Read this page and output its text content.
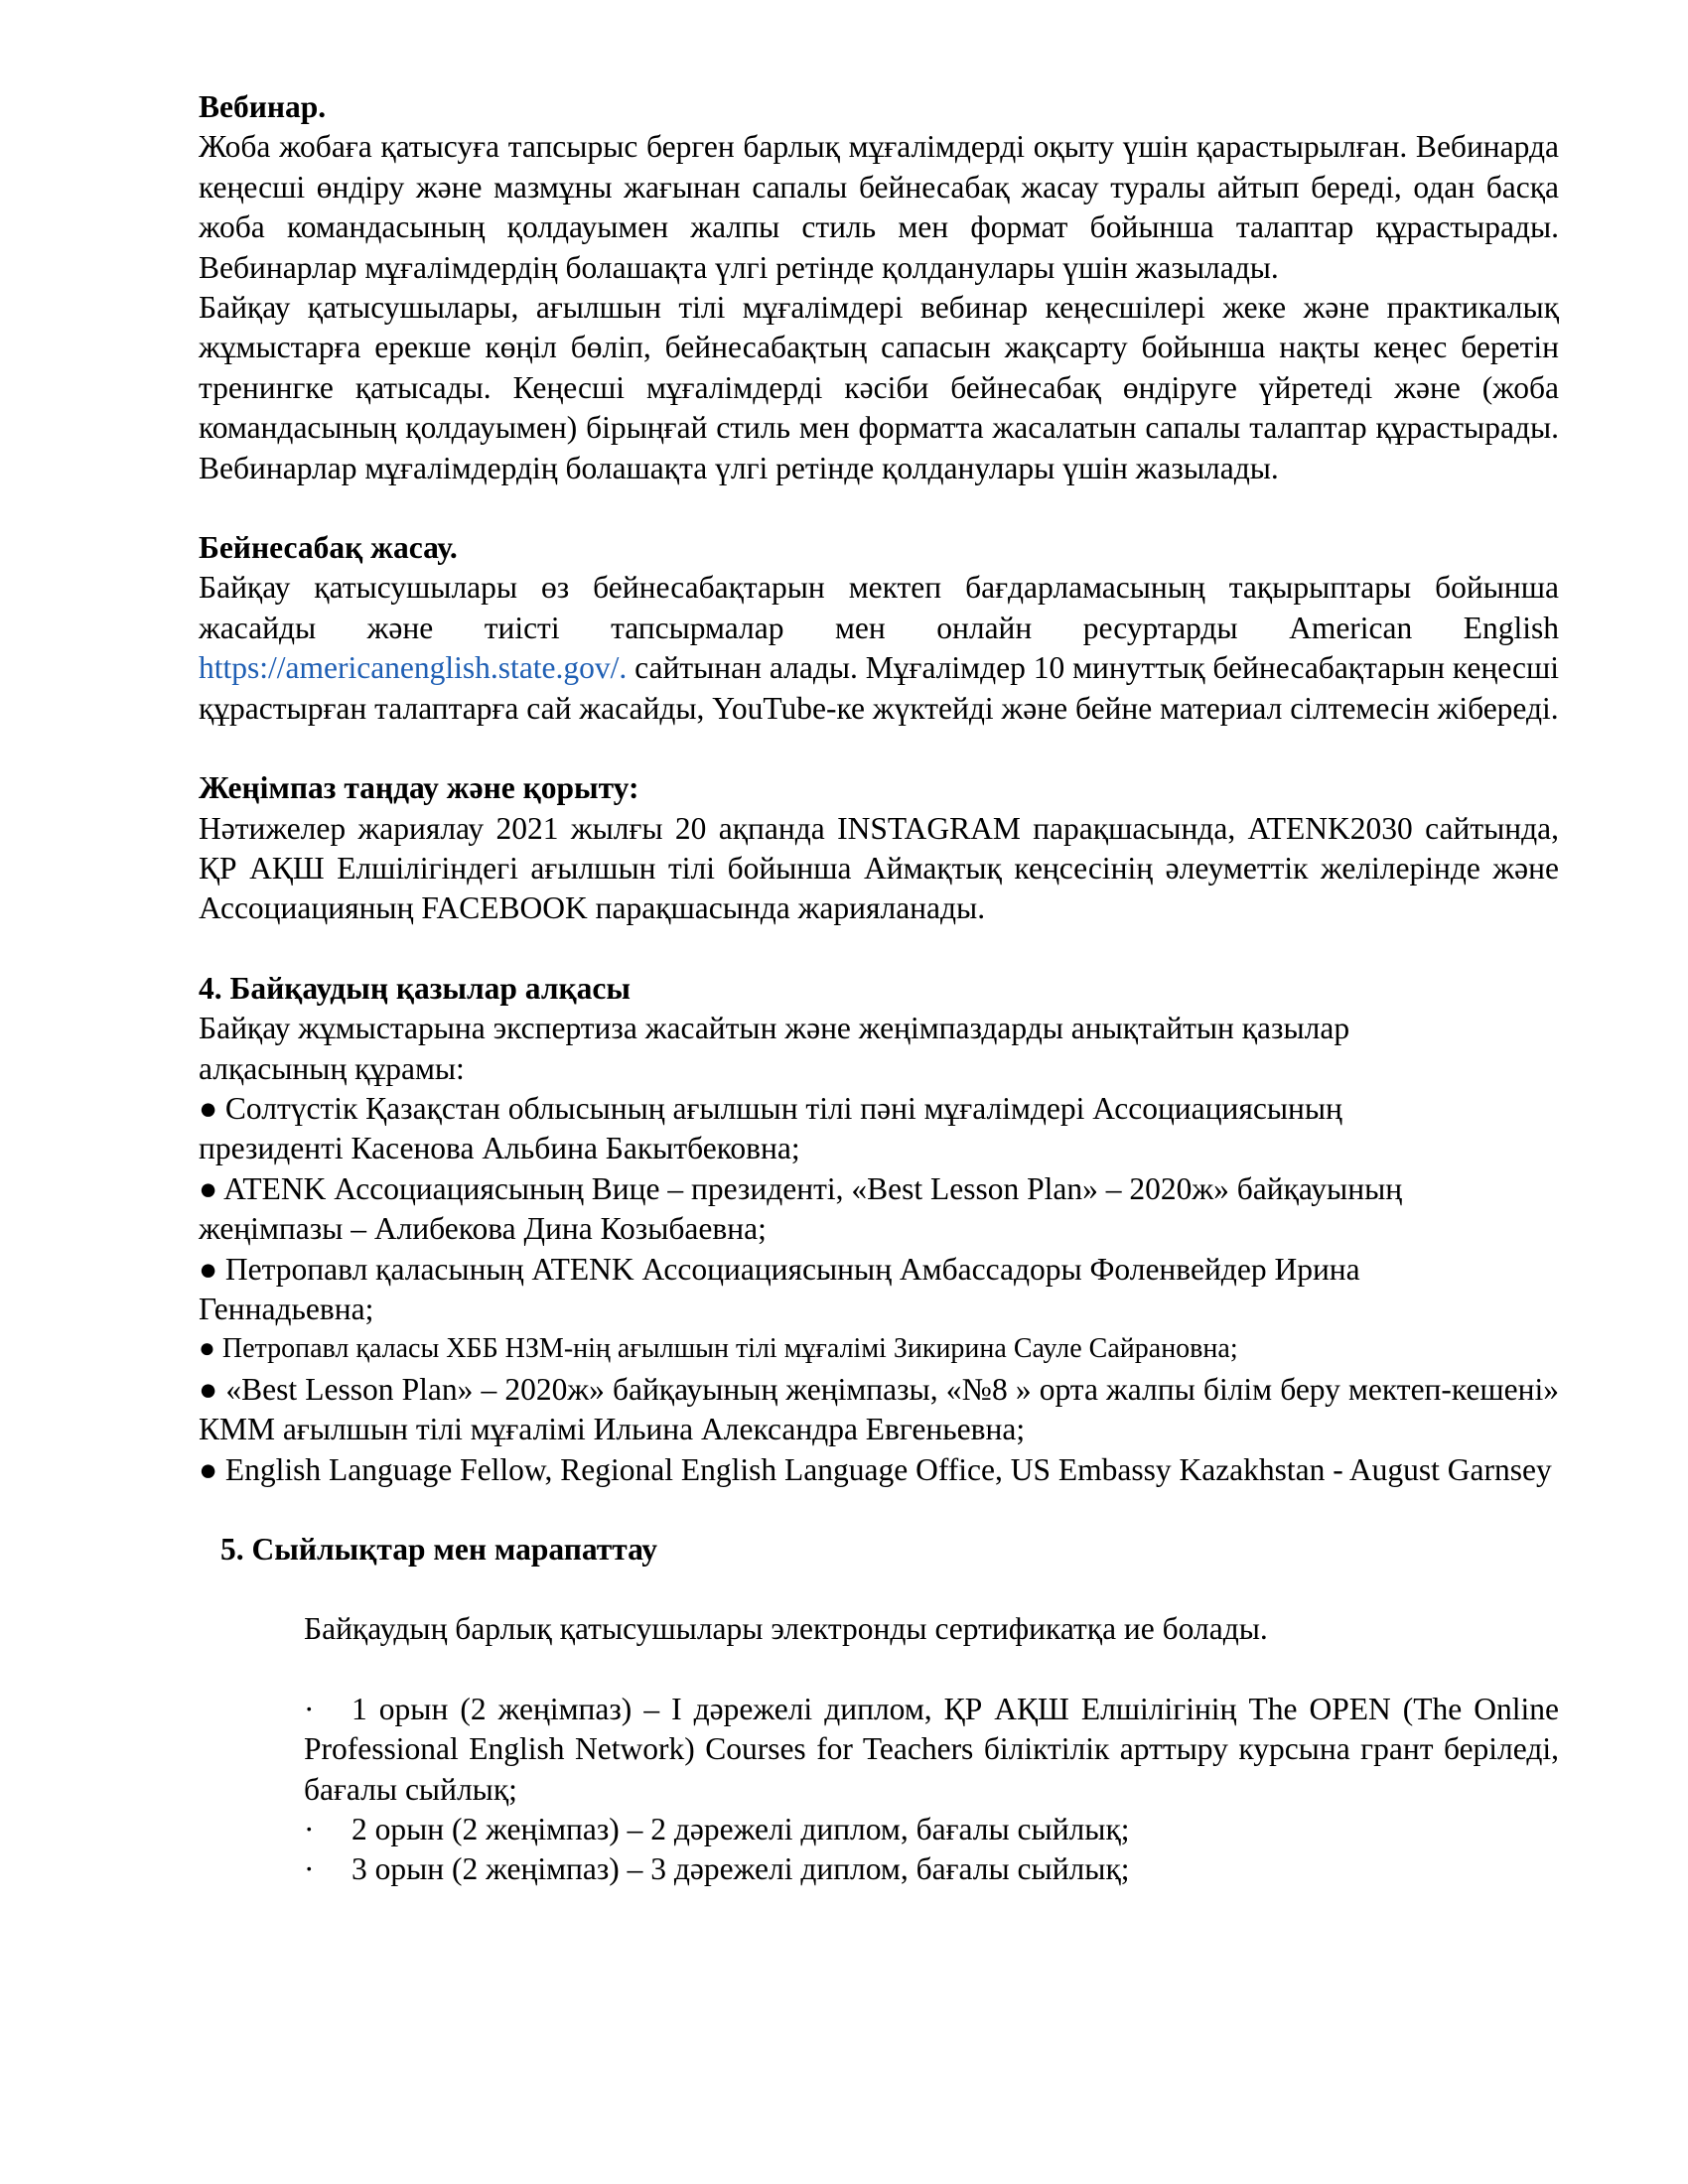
Вебинар.

Жоба жобаға қатысуға тапсырыс берген барлық мұғалімдерді оқыту үшін қарастырылған. Вебинарда кеңесші өндіру және мазмұны жағынан сапалы бейнесабақ жасау туралы айтып береді, одан басқа жоба командасының қолдауымен жалпы стиль мен формат бойынша талаптар құрастырады. Вебинарлар мұғалімдердің болашақта үлгі ретінде қолданулары үшін жазылады.

Байқау қатысушылары, ағылшын тілі мұғалімдері вебинар кеңесшілері жеке және практикалық жұмыстарға ерекше көңіл бөліп, бейнесабақтың сапасын жақсарту бойынша нақты кеңес беретін тренингке қатысады. Кеңесші мұғалімдерді кәсіби бейнесабақ өндіруге үйретеді және (жоба командасының қолдауымен) бірыңғай стиль мен форматта жасалатын сапалы талаптар құрастырады. Вебинарлар мұғалімдердің болашақта үлгі ретінде қолданулары үшін жазылады.

Бейнесабақ жасау.

Байқау қатысушылары өз бейнесабақтарын мектеп бағдарламасының тақырыптары бойынша жасайды және тиісті тапсырмалар мен онлайн ресуртарды American English https://americanenglish.state.gov/. сайтынан алады. Мұғалімдер 10 минуттық бейнесабақтарын кеңесші құрастырған талаптарға сай жасайды, YouTube-ке жүктейді және бейне материал сілтемесін жібереді.

Жеңімпаз таңдау және қорыту:

Нәтижелер жариялау 2021 жылғы 20 ақпанда INSTAGRAM парақшасында, ATENK2030 сайтында, ҚР АҚШ Елшілігіндегі ағылшын тілі бойынша Аймақтық кеңсесінің әлеуметтік желілерінде және Ассоциацияның FACEBOOK парақшасында жарияланады.

4. Байқаудың қазылар алқасы

Байқау жұмыстарына экспертиза жасайтын және жеңімпаздарды анықтайтын қазылар

алқасының құрамы:

● Солтүстік Қазақстан облысының ағылшын тілі пәні мұғалімдері Ассоциациясының

президенті Касенова Альбина Бакытбековна;

● ATENK Ассоциациясының Вице – президенті, «Best Lesson Plan» – 2020ж» байқауының

жеңімпазы – Алибекова Дина Козыбаевна;

● Петропавл қаласының ATENK Ассоциациясының Амбассадоры Фоленвейдер Ирина

Геннадьевна;

● Петропавл қаласы ХББ НЗМ-нің ағылшын тілі мұғалімі Зикирина Сауле Сайрановна;

● «Best Lesson Plan» – 2020ж» байқауының жеңімпазы, «№8 » орта жалпы білім беру мектеп-кешені» КММ ағылшын тілі мұғалімі Ильина Александра Евгеньевна;

● English Language Fellow, Regional English Language Office, US Embassy Kazakhstan - August Garnsey

5. Сыйлықтар мен марапаттау

Байқаудың барлық қатысушылары электронды сертификатқа ие болады.

· 1 орын (2 жеңімпаз) – I дәрежелі диплом, ҚР АҚШ Елшілігінің The OPEN (The Online Professional English Network) Courses for Teachers біліктілік арттыру курсына грант беріледі, бағалы сыйлық;

· 2 орын (2 жеңімпаз) – 2 дәрежелі диплом, бағалы сыйлық;

· 3 орын (2 жеңімпаз) – 3 дәрежелі диплом, бағалы сыйлық;
